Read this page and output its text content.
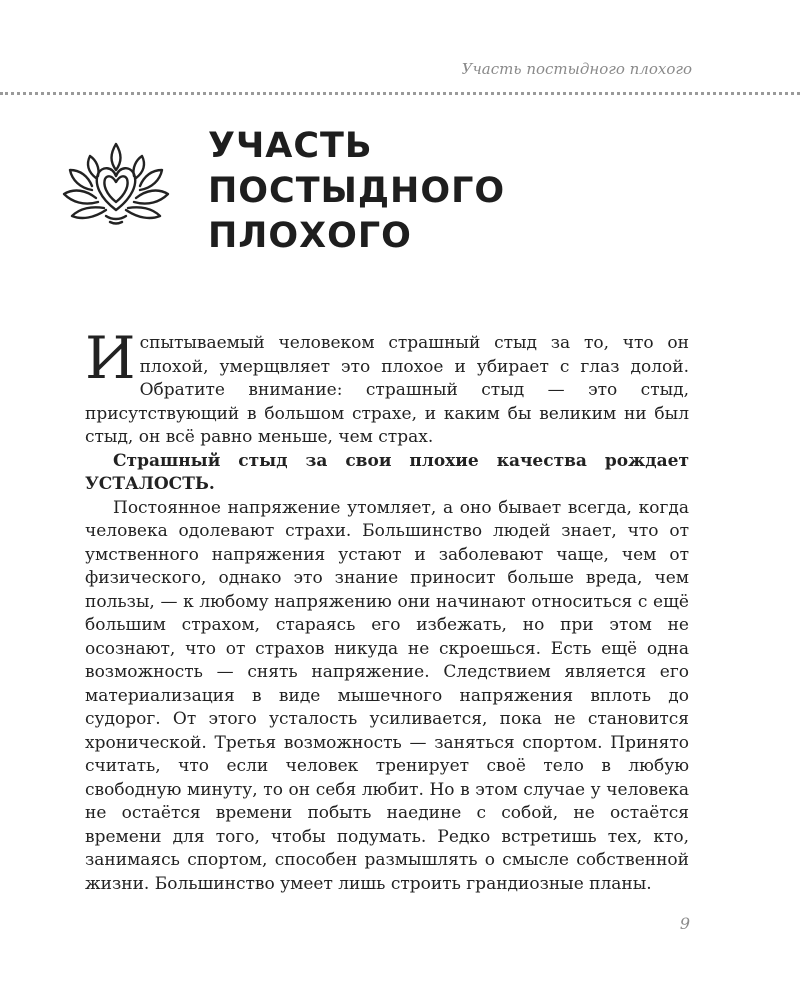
Участь постыдного плохого
УЧАСТЬ
ПОСТЫДНОГО
ПЛОХОГО

Испытываемый человеком страшный стыд за то, что он плохой, умерщвляет это плохое и убирает с глаз долой. Обратите внимание: страшный стыд — это стыд, присутствующий в большом страхе, и каким бы великим ни был стыд, он всё равно меньше, чем страх.

Страшный стыд за свои плохие качества рождает УСТАЛОСТЬ.

Постоянное напряжение утомляет, а оно бывает всегда, когда человека одолевают страхи. Большинство людей знает, что от умственного напряжения устают и заболевают чаще, чем от физического, однако это знание приносит больше вреда, чем пользы, — к любому напряжению они начинают относиться с ещё большим страхом, стараясь его избежать, но при этом не осознают, что от страхов никуда не скроешься. Есть ещё одна возможность — снять напряжение. Следствием является его материализация в виде мышечного напряжения вплоть до судорог. От этого усталость усиливается, пока не становится хронической. Третья возможность — заняться спортом. Принято считать, что если человек тренирует своё тело в любую свободную минуту, то он себя любит. Но в этом случае у человека не остаётся времени побыть наедине с собой, не остаётся времени для того, чтобы подумать. Редко встретишь тех, кто, занимаясь спортом, способен размышлять о смысле собственной жизни. Большинство умеет лишь строить грандиозные планы.

9
